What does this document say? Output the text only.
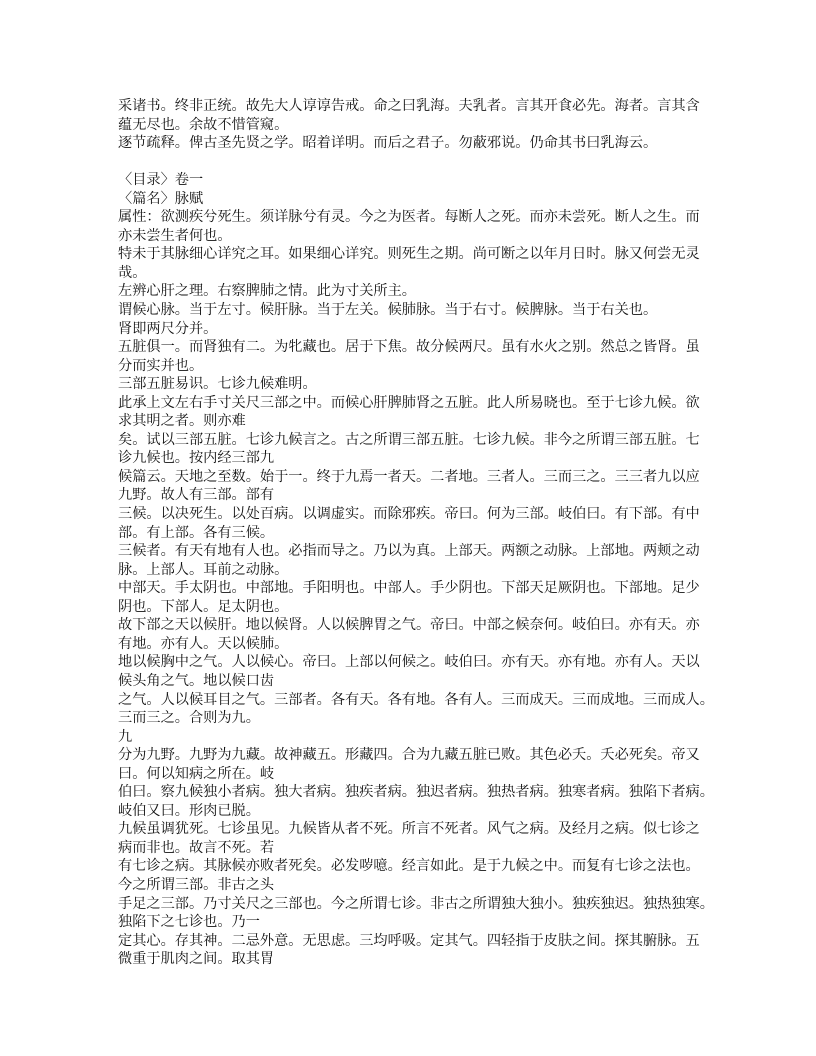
采诸书。终非正统。故先大人谆谆告戒。命之曰乳海。夫乳者。言其开食必先。海者。言其含
蕴无尽也。余故不惜管窥。
逐节疏释。俾古圣先贤之学。昭着详明。而后之君子。勿蔽邪说。仍命其书曰乳海云。
〈目录〉卷一
〈篇名〉脉赋
属性：欲测疾兮死生。须详脉兮有灵。今之为医者。每断人之死。而亦未尝死。断人之生。而
亦未尝生者何也。
特未于其脉细心详究之耳。如果细心详究。则死生之期。尚可断之以年月日时。脉又何尝无灵
哉。
左辨心肝之理。右察脾肺之情。此为寸关所主。
谓候心脉。当于左寸。候肝脉。当于左关。候肺脉。当于右寸。候脾脉。当于右关也。
肾即两尺分并。
五脏俱一。而肾独有二。为牝藏也。居于下焦。故分候两尺。虽有水火之别。然总之皆肾。虽
分而实并也。
三部五脏易识。七诊九候难明。
此承上文左右手寸关尺三部之中。而候心肝脾肺肾之五脏。此人所易晓也。至于七诊九候。欲
求其明之者。则亦难
矣。试以三部五脏。七诊九候言之。古之所谓三部五脏。七诊九候。非今之所谓三部五脏。七
诊九候也。按内经三部九
候篇云。天地之至数。始于一。终于九焉一者天。二者地。三者人。三而三之。三三者九以应
九野。故人有三部。部有
三候。以决死生。以处百病。以调虚实。而除邪疾。帝曰。何为三部。岐伯曰。有下部。有中
部。有上部。各有三候。
三候者。有天有地有人也。必指而导之。乃以为真。上部天。两额之动脉。上部地。两颊之动
脉。上部人。耳前之动脉。
中部天。手太阴也。中部地。手阳明也。中部人。手少阴也。下部天足厥阴也。下部地。足少
阴也。下部人。足太阴也。
故下部之天以候肝。地以候肾。人以候脾胃之气。帝曰。中部之候奈何。岐伯曰。亦有天。亦
有地。亦有人。天以候肺。
地以候胸中之气。人以候心。帝曰。上部以何候之。岐伯曰。亦有天。亦有地。亦有人。天以
候头角之气。地以候口齿
之气。人以候耳目之气。三部者。各有天。各有地。各有人。三而成天。三而成地。三而成人。
三而三之。合则为九。
九
分为九野。九野为九藏。故神藏五。形藏四。合为九藏五脏已败。其色必夭。夭必死矣。帝又
曰。何以知病之所在。岐
伯曰。察九候独小者病。独大者病。独疾者病。独迟者病。独热者病。独寒者病。独陷下者病。
岐伯又曰。形肉已脱。
九候虽调犹死。七诊虽见。九候皆从者不死。所言不死者。风气之病。及经月之病。似七诊之
病而非也。故言不死。若
有七诊之病。其脉候亦败者死矣。必发哕噫。经言如此。是于九候之中。而复有七诊之法也。
今之所谓三部。非古之头
手足之三部。乃寸关尺之三部也。今之所谓七诊。非古之所谓独大独小。独疾独迟。独热独寒。
独陷下之七诊也。乃一
定其心。存其神。二忌外意。无思虑。三均呼吸。定其气。四轻指于皮肤之间。探其腑脉。五
微重于肌肉之间。取其胃
